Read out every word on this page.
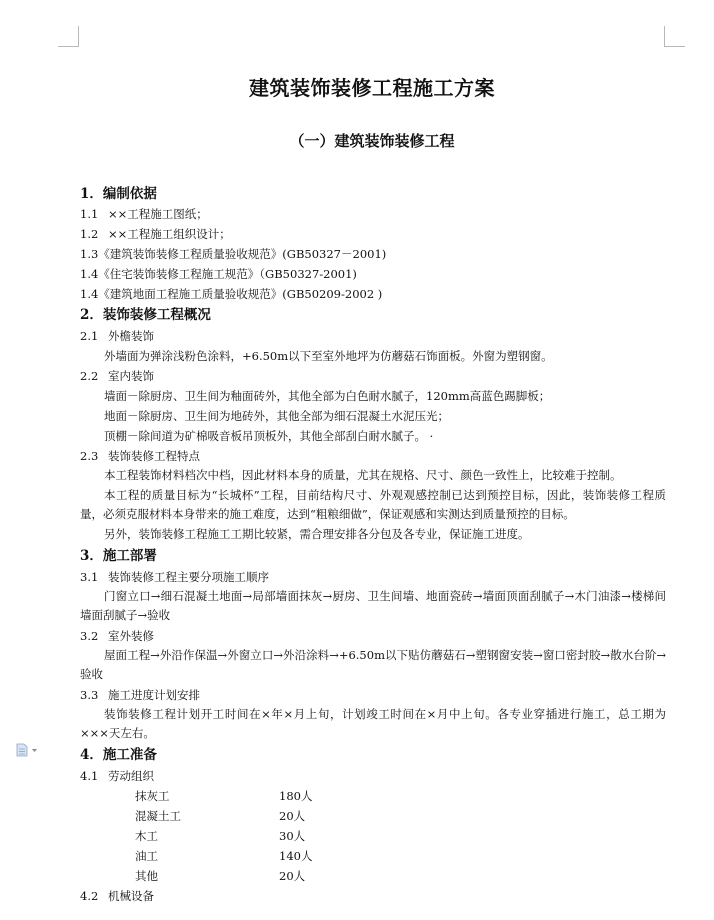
建筑装饰装修工程施工方案
（一）建筑装饰装修工程
1．编制依据
1.1 ××工程施工图纸；
1.2 ××工程施工组织设计；
1.3《建筑装饰装修工程质量验收规范》(GB50327－2001)
1.4《住宅装饰装修工程施工规范》（GB50327-2001)
1.4《建筑地面工程施工质量验收规范》(GB50209-2002 )
2．装饰装修工程概况
2.1 外檐装饰
外墙面为弹涂浅粉色涂料，+6.50m以下至室外地坪为仿蘑菇石饰面板。外窗为塑钢窗。
2.2 室内装饰
墙面－除厨房、卫生间为釉面砖外，其他全部为白色耐水腻子，120mm高蓝色踢脚板；
地面－除厨房、卫生间为地砖外，其他全部为细石混凝土水泥压光；
顶棚－除间道为矿棉吸音板吊顶板外，其他全部刮白耐水腻子。 ·
2.3 装饰装修工程特点
本工程装饰材料档次中档，因此材料本身的质量，尤其在规格、尺寸、颜色一致性上，比较难于控制。
本工程的质量目标为“长城杯”工程，目前结构尺寸、外观观感控制已达到预控目标，因此，装饰装修工程质量，必须克服材料本身带来的施工难度，达到“粗粮细做”，保证观感和实测达到质量预控的目标。
另外，装饰装修工程施工工期比较紧，需合理安排各分包及各专业，保证施工进度。
3．施工部署
3.1 装饰装修工程主要分项施工顺序
门窗立口→细石混凝土地面→局部墙面抹灰→厨房、卫生间墙、地面瓷砖→墙面顶面刮腻子→木门油漆→楼梯间墙面刮腻子→验收
3.2 室外装修
屋面工程→外沿作保温→外窗立口→外沿涂料→+6.50m以下贴仿蘑菇石→塑钢窗安装→窗口密封胶→散水台阶→验收
3.3 施工进度计划安排
装饰装修工程计划开工时间在×年×月上旬，计划竣工时间在×月中上旬。各专业穿插进行施工，总工期为×××天左右。
4．施工准备
4.1 劳动组织
抹灰工	180人
混凝土工	20人
木工	30人
油工	140人
其他	20人
4.2 机械设备
